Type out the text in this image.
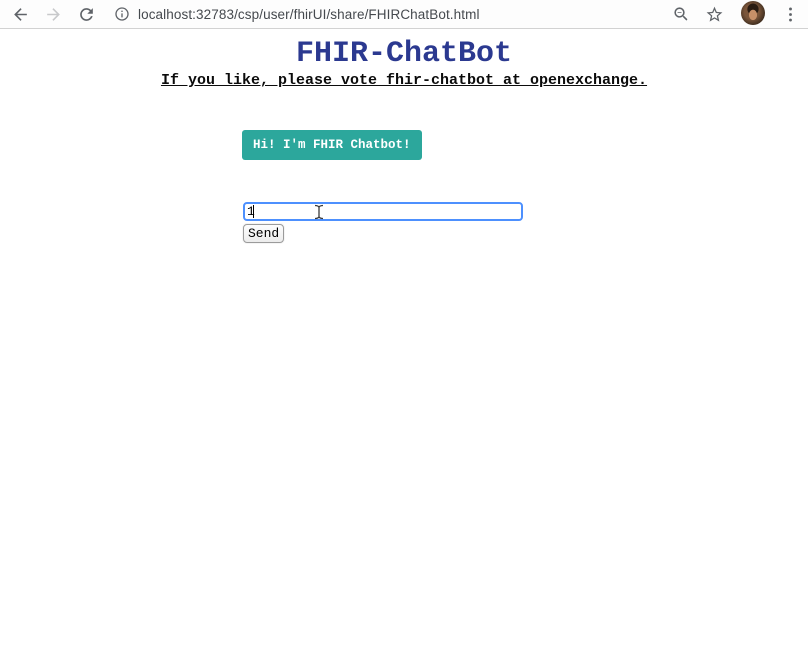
localhost:32783/csp/user/fhirUI/share/FHIRChatBot.html
FHIR-ChatBot
If you like, please vote fhir-chatbot at openexchange.
Hi! I'm FHIR Chatbot!
1
Send
